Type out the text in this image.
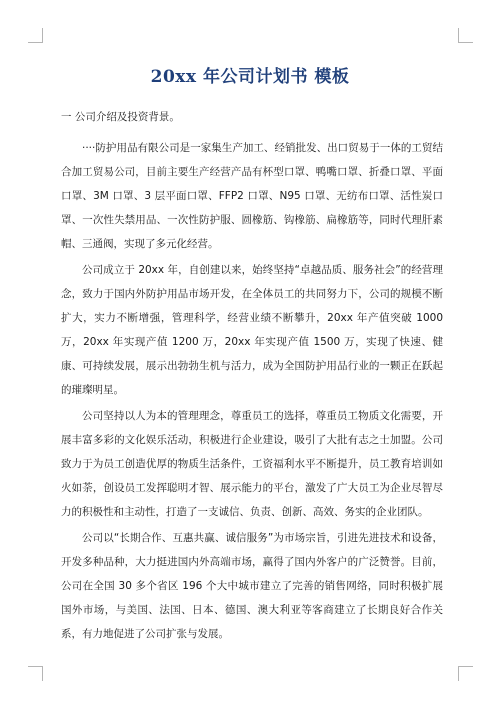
20xx 年公司计划书 模板

一 公司介绍及投资背景。

····防护用品有限公司是一家集生产加工、经销批发、出口贸易于一体的工贸结合加工贸易公司，目前主要生产经营产品有杯型口罩、鸭嘴口罩、折叠口罩、平面口罩、3M 口罩、3 层平面口罩、FFP2 口罩、N95 口罩、无纺布口罩、活性炭口罩、一次性失禁用品、一次性防护服、圆橡筋、钩橡筋、扁橡筋等，同时代理肝素帽、三通阀，实现了多元化经营。

公司成立于 20xx 年，自创建以来，始终坚持“卓越品质、服务社会”的经营理念，致力于国内外防护用品市场开发，在全体员工的共同努力下，公司的规模不断扩大，实力不断增强，管理科学，经营业绩不断攀升，20xx 年产值突破 1000 万，20xx 年实现产值 1200 万，20xx 年实现产值 1500 万，实现了快速、健康、可持续发展，展示出勃勃生机与活力，成为全国防护用品行业的一颗正在跃起的璀璨明星。

公司坚持以人为本的管理理念，尊重员工的选择，尊重员工物质文化需要，开展丰富多彩的文化娱乐活动，积极进行企业建设，吸引了大批有志之士加盟。公司致力于为员工创造优厚的物质生活条件，工资福利水平不断提升，员工教育培训如火如荼，创设员工发挥聪明才智、展示能力的平台，激发了广大员工为企业尽智尽力的积极性和主动性，打造了一支诚信、负责、创新、高效、务实的企业团队。

公司以“长期合作、互惠共赢、诚信服务”为市场宗旨，引进先进技术和设备，开发多种品种，大力挺进国内外高端市场，赢得了国内外客户的广泛赞誉。目前，公司在全国 30 多个省区 196 个大中城市建立了完善的销售网络，同时积极扩展国外市场，与美国、法国、日本、德国、澳大利亚等客商建立了长期良好合作关系，有力地促进了公司扩张与发展。
